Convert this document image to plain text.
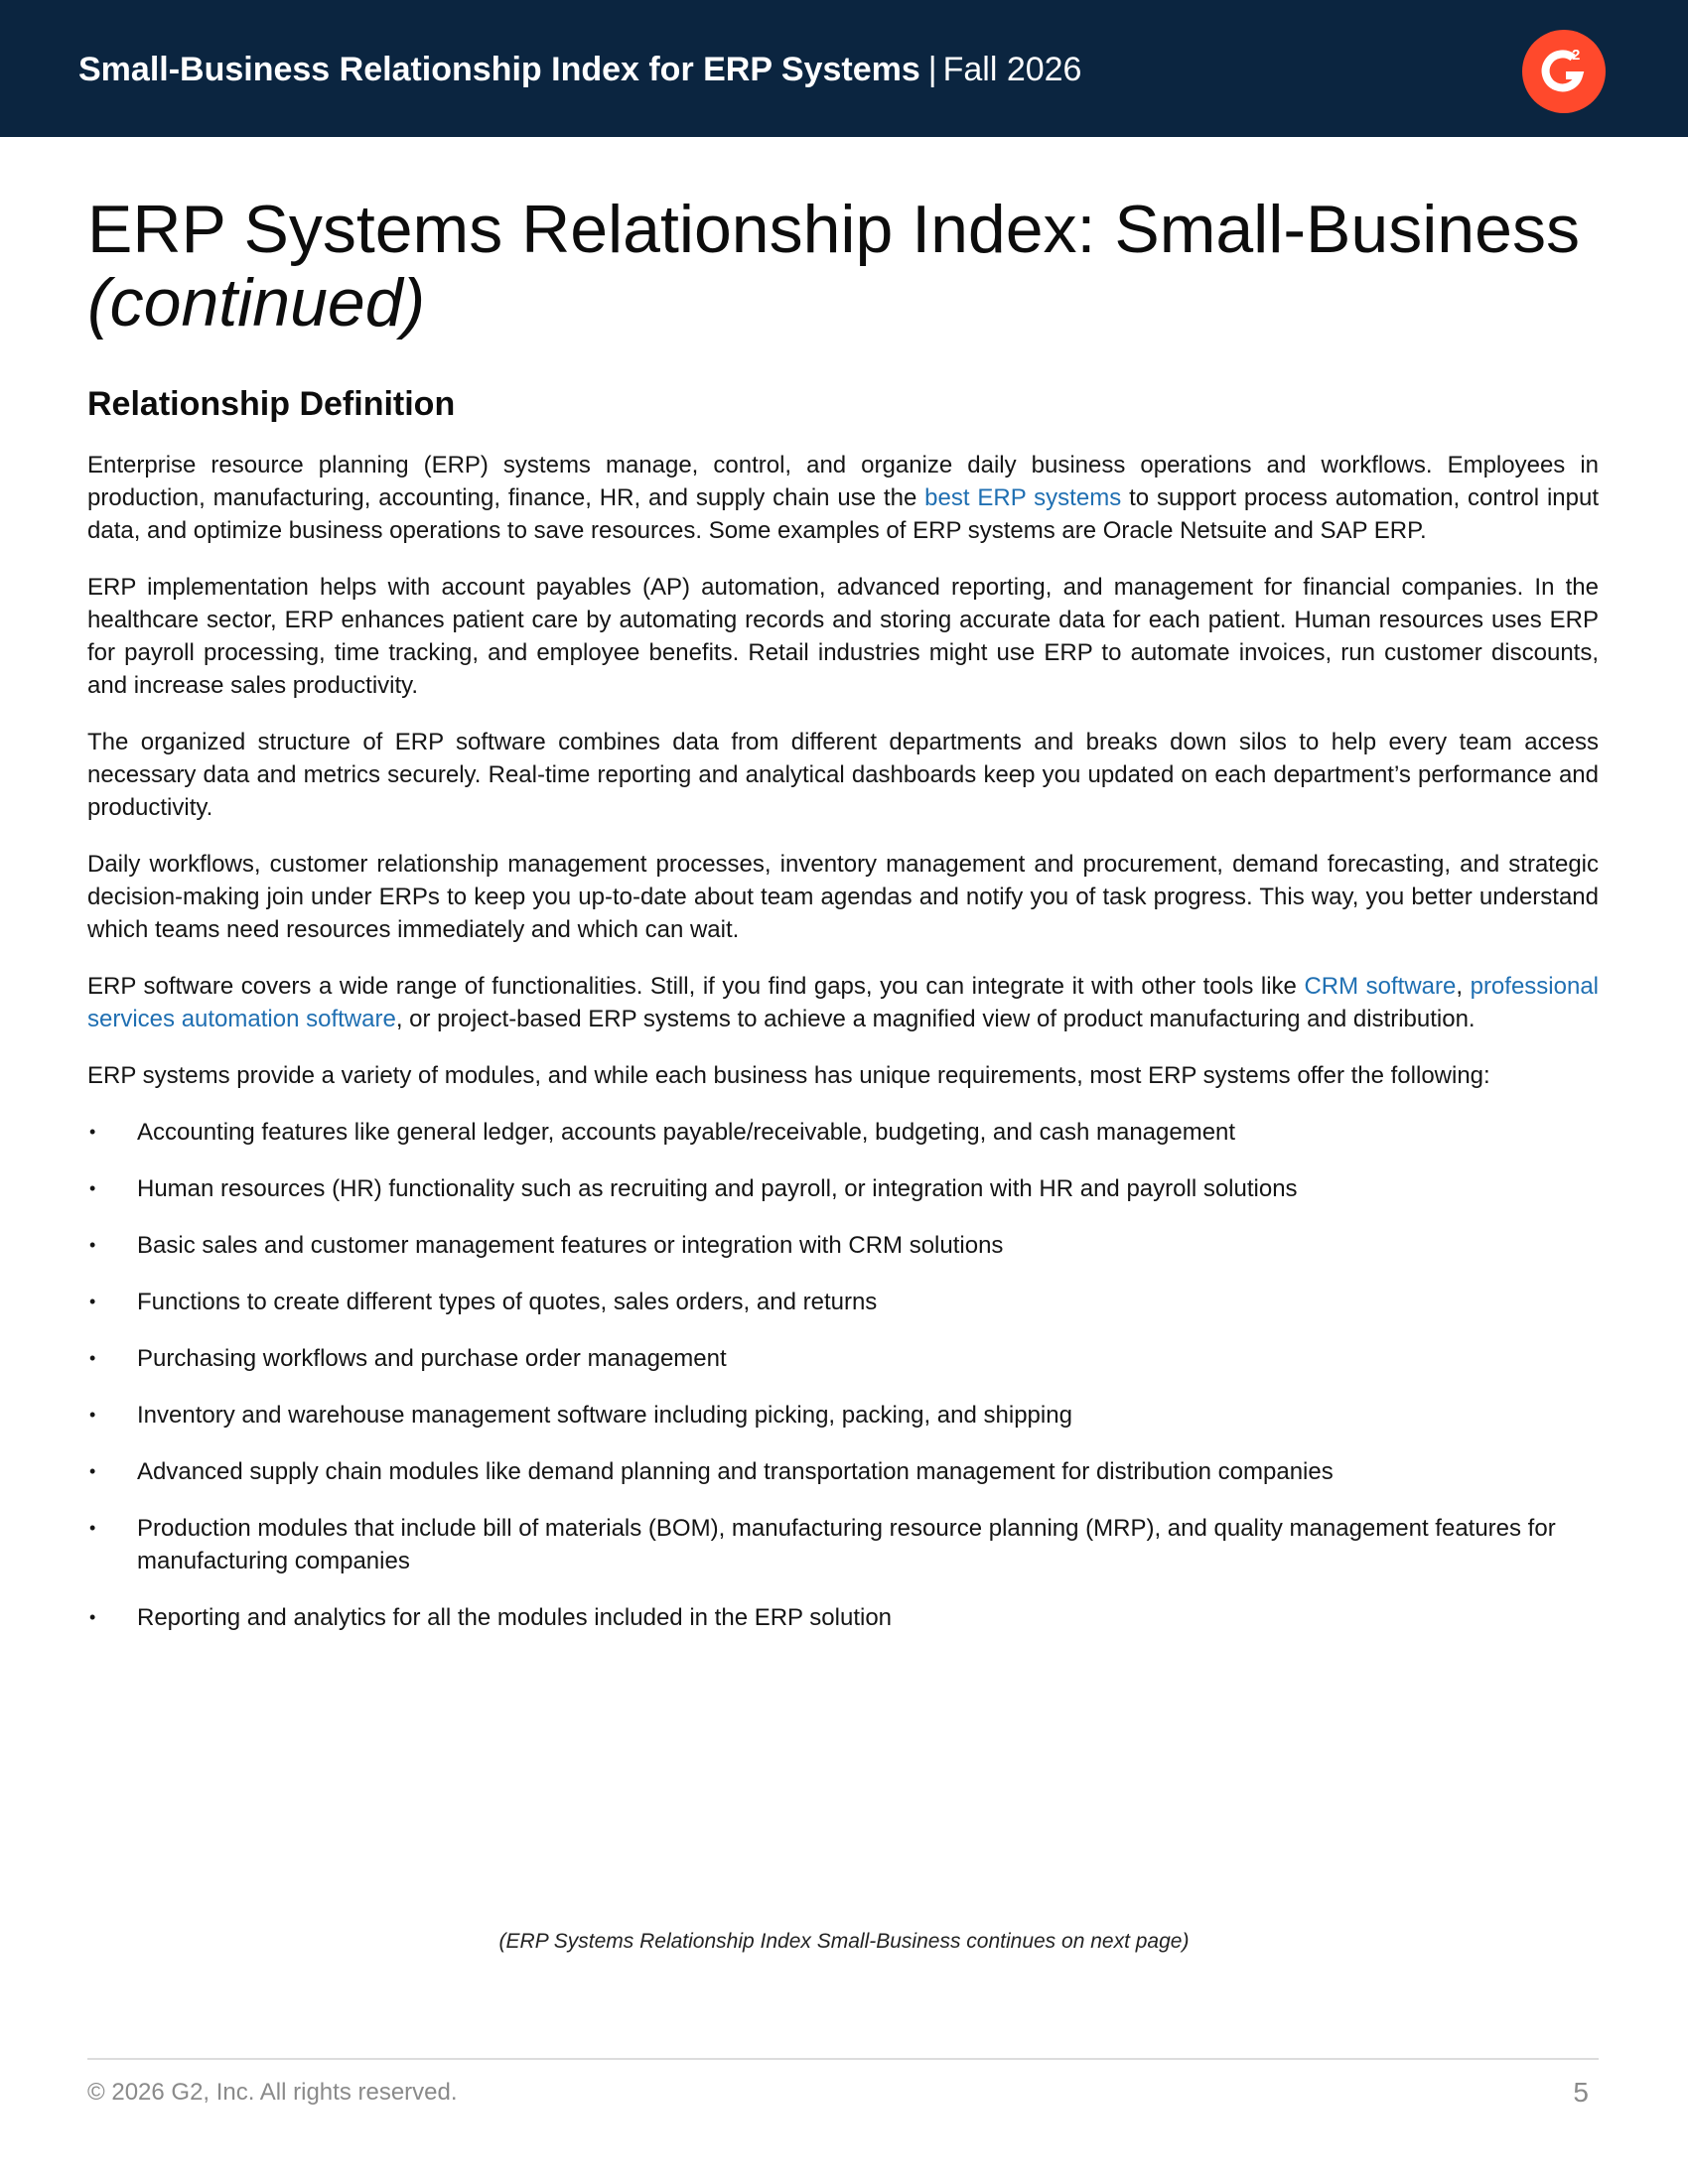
Small-Business Relationship Index for ERP Systems | Fall 2026	2
ERP Systems Relationship Index: Small-Business
(continued)
Relationship Definition

Enterprise resource planning (ERP) systems manage, control, and organize daily business operations and workflows. Employees in production, manufacturing, accounting, finance, HR, and supply chain use the best ERP systems to support process automation, control input data, and optimize business operations to save resources. Some examples of ERP systems are Oracle Netsuite and SAP ERP.

ERP implementation helps with account payables (AP) automation, advanced reporting, and management for financial companies. In the healthcare sector, ERP enhances patient care by automating records and storing accurate data for each patient. Human resources uses ERP for payroll processing, time tracking, and employee benefits. Retail industries might use ERP to automate invoices, run customer discounts, and increase sales productivity.

The organized structure of ERP software combines data from different departments and breaks down silos to help every team access necessary data and metrics securely. Real-time reporting and analytical dashboards keep you updated on each department’s performance and productivity.

Daily workflows, customer relationship management processes, inventory management and procurement, demand forecasting, and strategic decision-making join under ERPs to keep you up-to-date about team agendas and notify you of task progress. This way, you better understand which teams need resources immediately and which can wait.

ERP software covers a wide range of functionalities. Still, if you find gaps, you can integrate it with other tools like CRM software, professional services automation software, or project-based ERP systems to achieve a magnified view of product manufacturing and distribution.

ERP systems provide a variety of modules, and while each business has unique requirements, most ERP systems offer the following:

• Accounting features like general ledger, accounts payable/receivable, budgeting, and cash management
• Human resources (HR) functionality such as recruiting and payroll, or integration with HR and payroll solutions
• Basic sales and customer management features or integration with CRM solutions
• Functions to create different types of quotes, sales orders, and returns
• Purchasing workflows and purchase order management
• Inventory and warehouse management software including picking, packing, and shipping
• Advanced supply chain modules like demand planning and transportation management for distribution companies
• Production modules that include bill of materials (BOM), manufacturing resource planning (MRP), and quality management features for manufacturing companies
• Reporting and analytics for all the modules included in the ERP solution
(ERP Systems Relationship Index Small-Business continues on next page)
© 2026 G2, Inc. All rights reserved.	5
